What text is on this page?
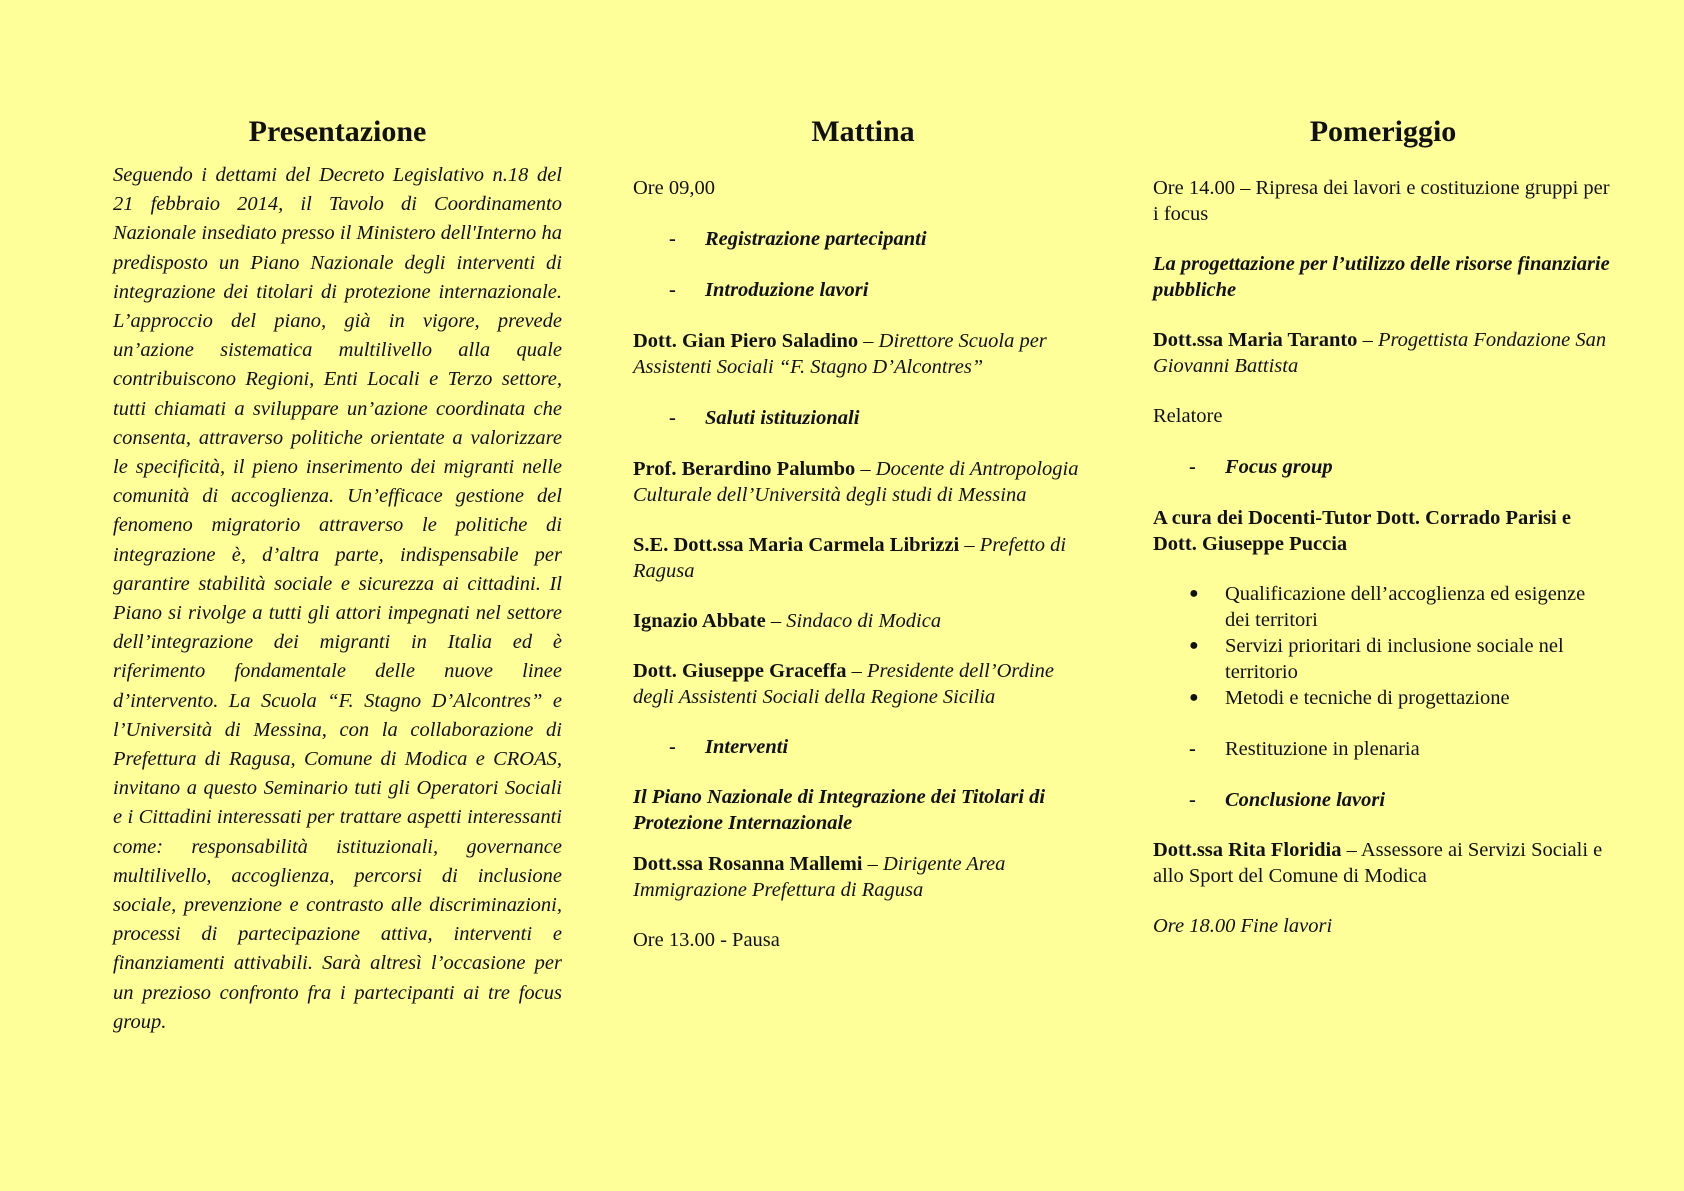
Presentazione

Seguendo i dettami del Decreto Legislativo n.18 del 21 febbraio 2014, il Tavolo di Coordinamento Nazionale insediato presso il Ministero dell'Interno ha predisposto un Piano Nazionale degli interventi di integrazione dei titolari di protezione internazionale. L’approccio del piano, già in vigore, prevede un’azione sistematica multilivello alla quale contribuiscono Regioni, Enti Locali e Terzo settore, tutti chiamati a sviluppare un’azione coordinata che consenta, attraverso politiche orientate a valorizzare le specificità, il pieno inserimento dei migranti nelle comunità di accoglienza. Un’efficace gestione del fenomeno migratorio attraverso le politiche di integrazione è, d’altra parte, indispensabile per garantire stabilità sociale e sicurezza ai cittadini. Il Piano si rivolge a tutti gli attori impegnati nel settore dell’integrazione dei migranti in Italia ed è riferimento fondamentale delle nuove linee d’intervento. La Scuola “F. Stagno D’Alcontres” e l’Università di Messina, con la collaborazione di Prefettura di Ragusa, Comune di Modica e CROAS, invitano a questo Seminario tuti gli Operatori Sociali e i Cittadini interessati per trattare aspetti interessanti come: responsabilità istituzionali, governance multilivello, accoglienza, percorsi di inclusione sociale, prevenzione e contrasto alle discriminazioni, processi di partecipazione attiva, interventi e finanziamenti attivabili. Sarà altresì l’occasione per un prezioso confronto fra i partecipanti ai tre focus group.

Mattina

Ore 09,00

-	Registrazione partecipanti
-	Introduzione lavori

Dott. Gian Piero Saladino – Direttore Scuola per Assistenti Sociali “F. Stagno D’Alcontres”

-	Saluti istituzionali

Prof. Berardino Palumbo – Docente di Antropologia Culturale dell’Università degli studi di Messina

S.E. Dott.ssa Maria Carmela Librizzi – Prefetto di Ragusa

Ignazio Abbate – Sindaco di Modica

Dott. Giuseppe Graceffa – Presidente dell’Ordine degli Assistenti Sociali della Regione Sicilia

-	Interventi

Il Piano Nazionale di Integrazione dei Titolari di Protezione Internazionale

Dott.ssa Rosanna Mallemi – Dirigente Area Immigrazione Prefettura di Ragusa

Ore 13.00 - Pausa

Pomeriggio

Ore 14.00 – Ripresa dei lavori e costituzione gruppi per i focus

La progettazione per l’utilizzo delle risorse finanziarie pubbliche

Dott.ssa Maria Taranto – Progettista Fondazione San Giovanni Battista

Relatore

-	Focus group

A cura dei Docenti-Tutor Dott. Corrado Parisi e Dott. Giuseppe Puccia

●	Qualificazione dell’accoglienza ed esigenze dei territori
●	Servizi prioritari di inclusione sociale nel territorio
●	Metodi e tecniche di progettazione
-	Restituzione in plenaria
-	Conclusione lavori

Dott.ssa Rita Floridia – Assessore ai Servizi Sociali e allo Sport del Comune di Modica

Ore 18.00 Fine lavori
